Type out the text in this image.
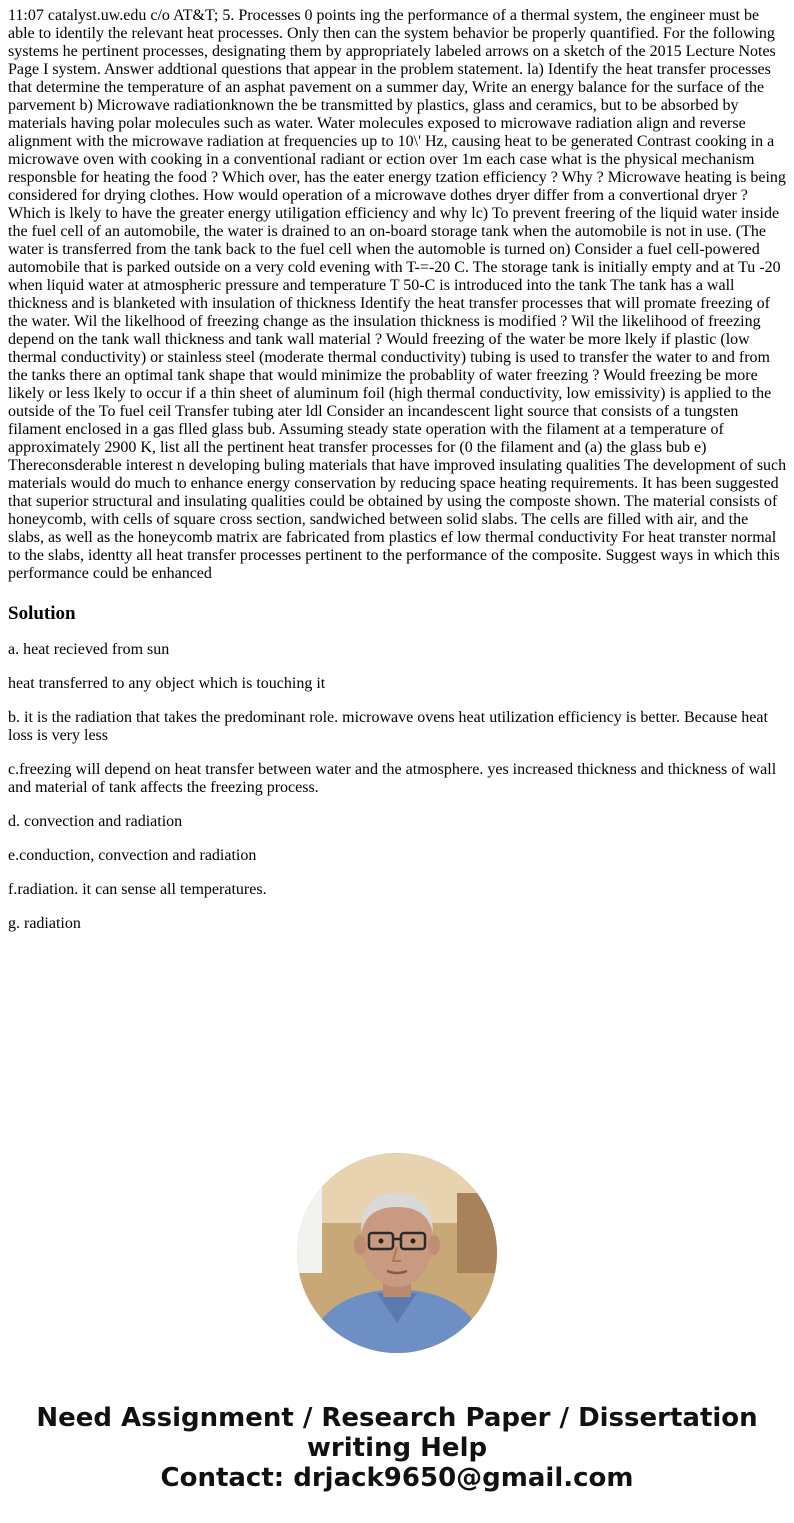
11:07 catalyst.uw.edu c/o AT&T; 5. Processes 0 points ing the performance of a thermal system, the engineer must be able to identily the relevant heat processes. Only then can the system behavior be properly quantified. For the following systems he pertinent processes, designating them by appropriately labeled arrows on a sketch of the 2015 Lecture Notes Page I system. Answer addtional questions that appear in the problem statement. la) Identify the heat transfer processes that determine the temperature of an asphat pavement on a summer day, Write an energy balance for the surface of the parvement b) Microwave radiationknown the be transmitted by plastics, glass and ceramics, but to be absorbed by materials having polar molecules such as water. Water molecules exposed to microwave radiation align and reverse alignment with the microwave radiation at frequencies up to 10\' Hz, causing heat to be generated Contrast cooking in a microwave oven with cooking in a conventional radiant or ection over 1m each case what is the physical mechanism responsble for heating the food ? Which over, has the eater energy tzation efficiency ? Why ? Microwave heating is being considered for drying clothes. How would operation of a microwave dothes dryer differ from a convertional dryer ? Which is lkely to have the greater energy utiligation efficiency and why lc) To prevent freering of the liquid water inside the fuel cell of an automobile, the water is drained to an on-board storage tank when the automobile is not in use. (The water is transferred from the tank back to the fuel cell when the automoble is turned on) Consider a fuel cell-powered automobile that is parked outside on a very cold evening with T-=-20 C. The storage tank is initially empty and at Tu -20 when liquid water at atmospheric pressure and temperature T 50-C is introduced into the tank The tank has a wall thickness and is blanketed with insulation of thickness Identify the heat transfer processes that will promate freezing of the water. Wil the likelhood of freezing change as the insulation thickness is modified ? Wil the likelihood of freezing depend on the tank wall thickness and tank wall material ? Would freezing of the water be more lkely if plastic (low thermal conductivity) or stainless steel (moderate thermal conductivity) tubing is used to transfer the water to and from the tanks there an optimal tank shape that would minimize the probablity of water freezing ? Would freezing be more likely or less lkely to occur if a thin sheet of aluminum foil (high thermal conductivity, low emissivity) is applied to the outside of the To fuel ceil Transfer tubing ater ldl Consider an incandescent light source that consists of a tungsten filament enclosed in a gas flled glass bub. Assuming steady state operation with the filament at a temperature of approximately 2900 K, list all the pertinent heat transfer processes for (0 the filament and (a) the glass bub e) Thereconsderable interest n developing buling materials that have improved insulating qualities The development of such materials would do much to enhance energy conservation by reducing space heating requirements. It has been suggested that superior structural and insulating qualities could be obtained by using the composte shown. The material consists of honeycomb, with cells of square cross section, sandwiched between solid slabs. The cells are filled with air, and the slabs, as well as the honeycomb matrix are fabricated from plastics ef low thermal conductivity For heat transter normal to the slabs, identty all heat transfer processes pertinent to the performance of the composite. Suggest ways in which this performance could be enhanced

Solution

a. heat recieved from sun

heat transferred to any object which is touching it

b. it is the radiation that takes the predominant role. microwave ovens heat utilization efficiency is better. Because heat loss is very less

c.freezing will depend on heat transfer between water and the atmosphere. yes increased thickness and thickness of wall and material of tank affects the freezing process.

d. convection and radiation

e.conduction, convection and radiation

f.radiation. it can sense all temperatures.

g. radiation

Need Assignment / Research Paper / Dissertation
writing Help
Contact: drjack9650@gmail.com
